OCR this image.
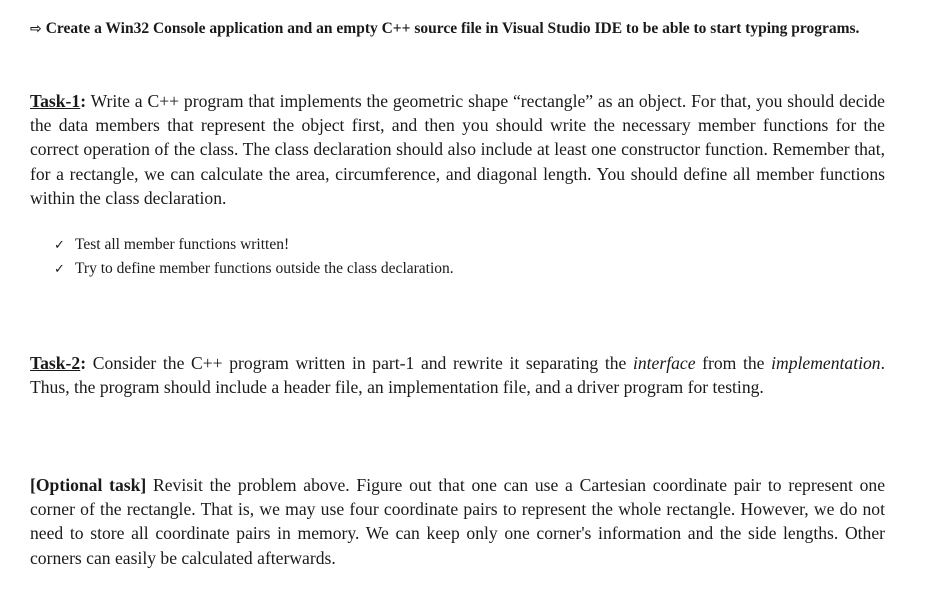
⇨ Create a Win32 Console application and an empty C++ source file in Visual Studio IDE to be able to start typing programs.

Task-1: Write a C++ program that implements the geometric shape “rectangle” as an object. For that, you should decide the data members that represent the object first, and then you should write the necessary member functions for the correct operation of the class. The class declaration should also include at least one constructor function. Remember that, for a rectangle, we can calculate the area, circumference, and diagonal length. You should define all member functions within the class declaration.

✓ Test all member functions written!
✓ Try to define member functions outside the class declaration.

Task-2: Consider the C++ program written in part-1 and rewrite it separating the interface from the implementation. Thus, the program should include a header file, an implementation file, and a driver program for testing.

[Optional task] Revisit the problem above. Figure out that one can use a Cartesian coordinate pair to represent one corner of the rectangle. That is, we may use four coordinate pairs to represent the whole rectangle. However, we do not need to store all coordinate pairs in memory. We can keep only one corner's information and the side lengths. Other corners can easily be calculated afterwards.
